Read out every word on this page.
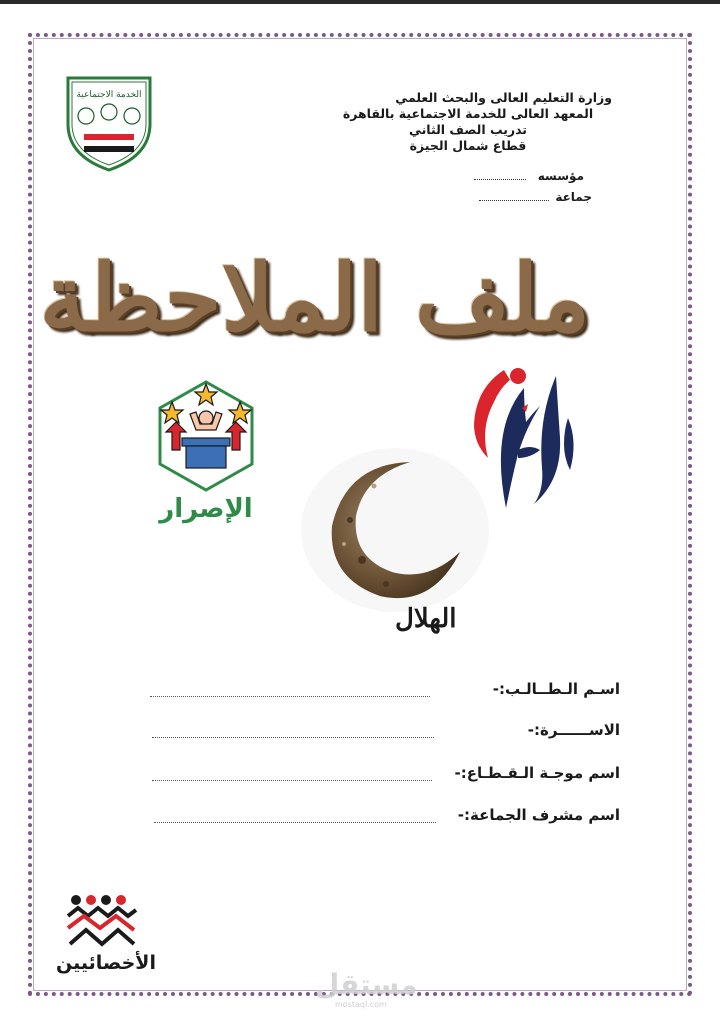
ﺍﻟﺨﺪﻣﺔ ﺍﻻﺟﺘﻤﺎﻋﻴﺔ	وزارة التعليم العالى والبحث العلمي
المعهد العالى للخدمة الاجتماعية بالقاهرة
تدريب الصف الثاني
قطاع شمال الجيزة
مؤسسه
جماعة
ملف الملاحظة
الإصرار
الهلال
اسـم الـطــالـب:-
الاســــــرة:-
اسم موجـة الـقـطـاع:-
اسم مشرف الجماعة:-
الأخصائيين
مستقل
mostaql.com
